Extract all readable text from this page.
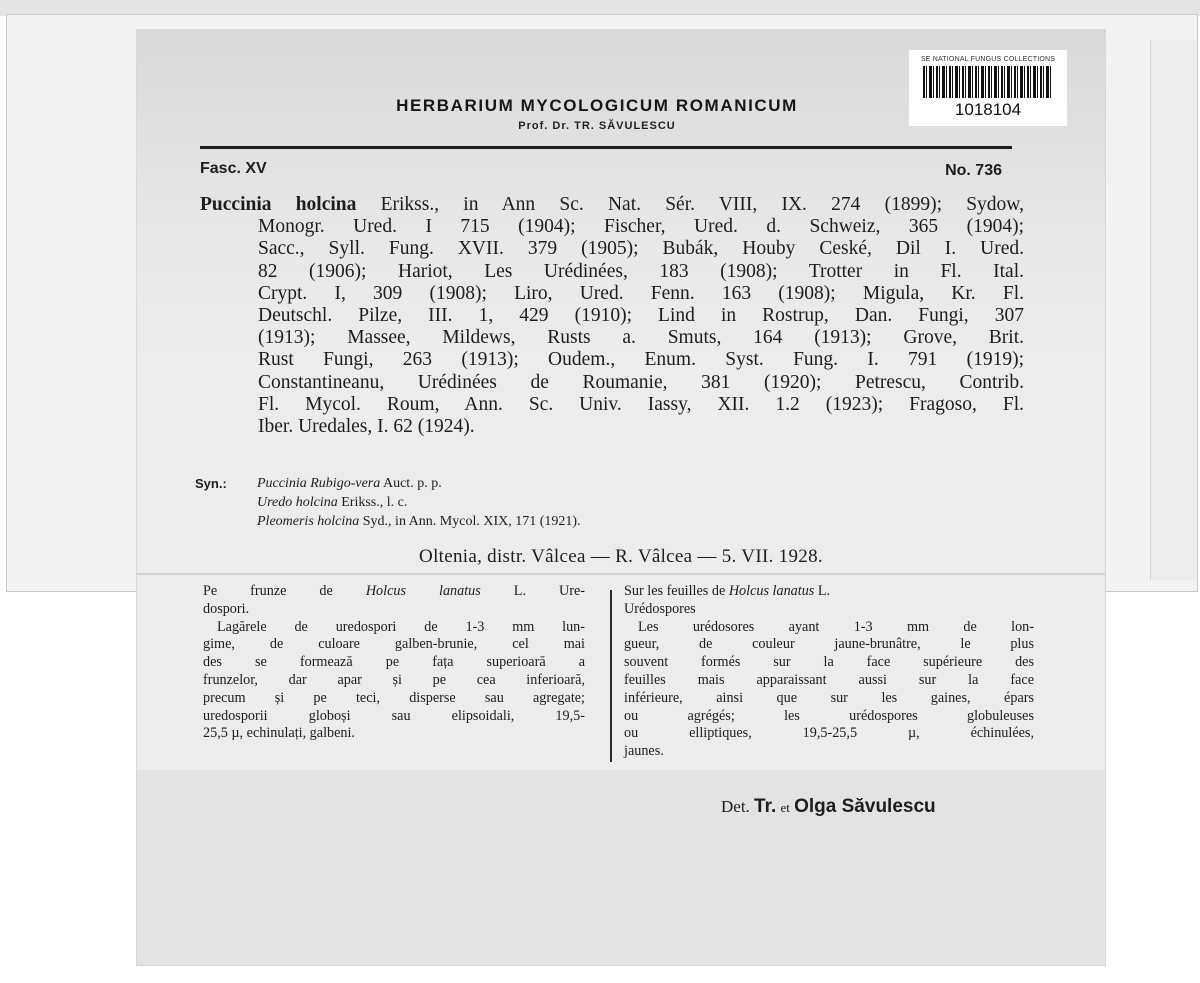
SE NATIONAL FUNGUS COLLECTIONS
1018104
HERBARIUM MYCOLOGICUM ROMANICUM
Prof. Dr. TR. SĂVULESCU
Fasc. XV	No. 736
Puccinia holcina Erikss., in Ann Sc. Nat. Sér. VIII, IX. 274 (1899); Sydow,
Monogr. Ured. I 715 (1904); Fischer, Ured. d. Schweiz, 365 (1904);
Sacc., Syll. Fung. XVII. 379 (1905); Bubák, Houby Ceské, Dil I. Ured.
82 (1906); Hariot, Les Urédinées, 183 (1908); Trotter in Fl. Ital.
Crypt. I, 309 (1908); Liro, Ured. Fenn. 163 (1908); Migula, Kr. Fl.
Deutschl. Pilze, III. 1, 429 (1910); Lind in Rostrup, Dan. Fungi, 307
(1913); Massee, Mildews, Rusts a. Smuts, 164 (1913); Grove, Brit.
Rust Fungi, 263 (1913); Oudem., Enum. Syst. Fung. I. 791 (1919);
Constantineanu, Urédinées de Roumanie, 381 (1920); Petrescu, Contrib.
Fl. Mycol. Roum, Ann. Sc. Univ. Iassy, XII. 1.2 (1923); Fragoso, Fl.
Iber. Uredales, I. 62 (1924).
Syn.: Puccinia Rubigo-vera Auct. p. p.
Uredo holcina Erikss., l. c.
Pleomeris holcina Syd., in Ann. Mycol. XIX, 171 (1921).
Oltenia, distr. Vâlcea — R. Vâlcea — 5. VII. 1928.
Pe frunze de Holcus lanatus L. Ure-
dospori.
Lagărele de uredospori de 1-3 mm lun-
gime, de culoare galben-brunie, cel mai
des se formează pe fața superioară a
frunzelor, dar apar și pe cea inferioară,
precum și pe teci, disperse sau agregate;
uredosporii globoși sau elipsoidali, 19,5-
25,5 µ, echinulați, galbeni.
Sur les feuilles de Holcus lanatus L.
Urédospores
Les urédosores ayant 1-3 mm de lon-
gueur, de couleur jaune-brunâtre, le plus
souvent formés sur la face supérieure des
feuilles mais apparaissant aussi sur la face
inférieure, ainsi que sur les gaines, épars
ou agrégés; les urédospores globuleuses
ou elliptiques, 19,5-25,5 µ, échinulées,
jaunes.
Det. Tr. et Olga Săvulescu
